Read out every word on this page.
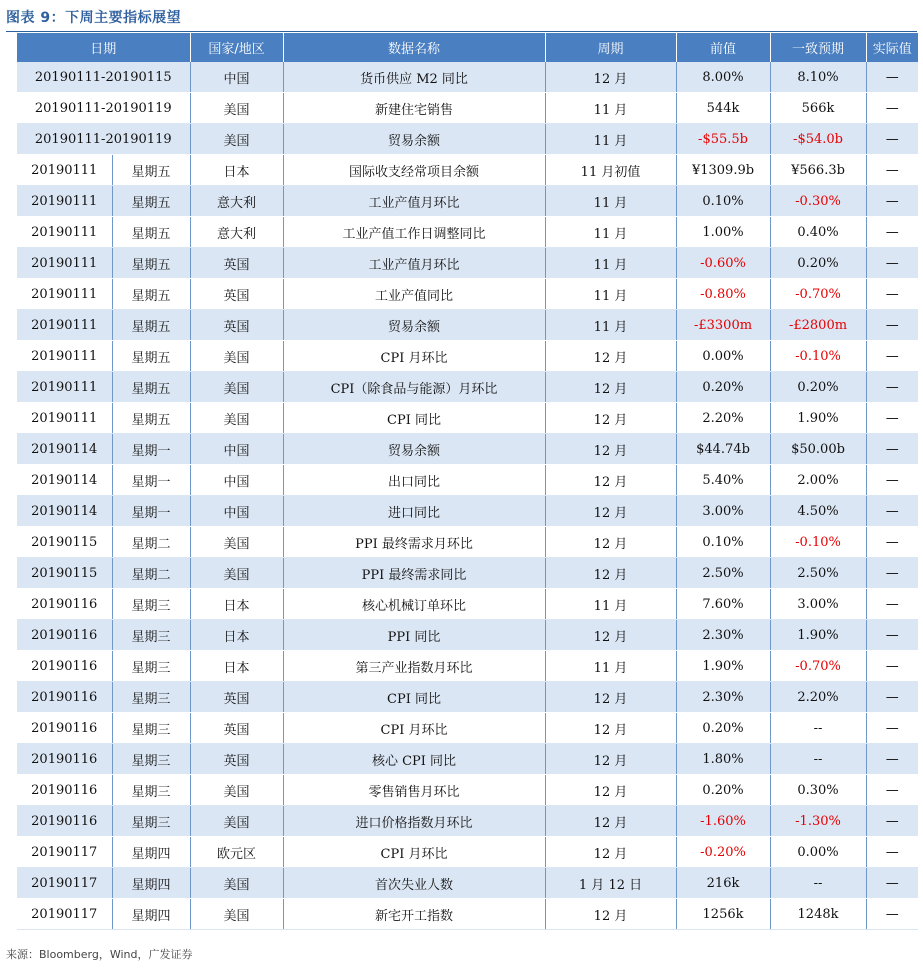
图表 9：下周主要指标展望
日期		国家/地区	数据名称	周期	前值	一致预期	实际值
20190111-20190115		中国	货币供应 M2 同比	12 月	8.00%	8.10%	—
20190111-20190119		美国	新建住宅销售	11 月	544k	566k	—
20190111-20190119		美国	贸易余额	11 月	-$55.5b	-$54.0b	—
20190111	星期五	日本	国际收支经常项目余额	11 月初值	¥1309.9b	¥566.3b	—
20190111	星期五	意大利	工业产值月环比	11 月	0.10%	-0.30%	—
20190111	星期五	意大利	工业产值工作日调整同比	11 月	1.00%	0.40%	—
20190111	星期五	英国	工业产值月环比	11 月	-0.60%	0.20%	—
20190111	星期五	英国	工业产值同比	11 月	-0.80%	-0.70%	—
20190111	星期五	英国	贸易余额	11 月	-£3300m	-£2800m	—
20190111	星期五	美国	CPI 月环比	12 月	0.00%	-0.10%	—
20190111	星期五	美国	CPI（除食品与能源）月环比	12 月	0.20%	0.20%	—
20190111	星期五	美国	CPI 同比	12 月	2.20%	1.90%	—
20190114	星期一	中国	贸易余额	12 月	$44.74b	$50.00b	—
20190114	星期一	中国	出口同比	12 月	5.40%	2.00%	—
20190114	星期一	中国	进口同比	12 月	3.00%	4.50%	—
20190115	星期二	美国	PPI 最终需求月环比	12 月	0.10%	-0.10%	—
20190115	星期二	美国	PPI 最终需求同比	12 月	2.50%	2.50%	—
20190116	星期三	日本	核心机械订单环比	11 月	7.60%	3.00%	—
20190116	星期三	日本	PPI 同比	12 月	2.30%	1.90%	—
20190116	星期三	日本	第三产业指数月环比	11 月	1.90%	-0.70%	—
20190116	星期三	英国	CPI 同比	12 月	2.30%	2.20%	—
20190116	星期三	英国	CPI 月环比	12 月	0.20%	--	—
20190116	星期三	英国	核心 CPI 同比	12 月	1.80%	--	—
20190116	星期三	美国	零售销售月环比	12 月	0.20%	0.30%	—
20190116	星期三	美国	进口价格指数月环比	12 月	-1.60%	-1.30%	—
20190117	星期四	欧元区	CPI 月环比	12 月	-0.20%	0.00%	—
20190117	星期四	美国	首次失业人数	1 月 12 日	216k	--	—
20190117	星期四	美国	新宅开工指数	12 月	1256k	1248k	—
来源：Bloomberg，Wind，广发证券
